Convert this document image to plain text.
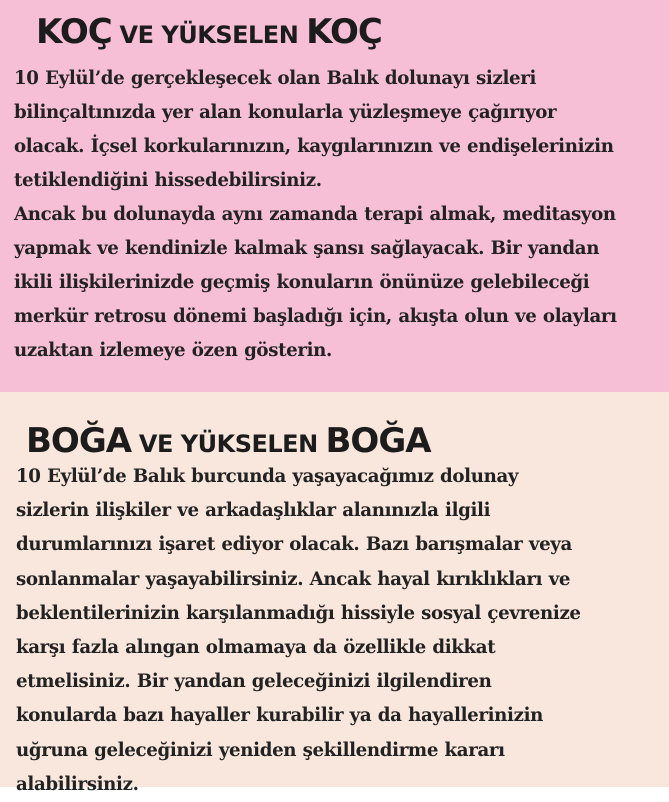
KOÇ VE YÜKSELEN KOÇ

10 Eylül’de gerçekleşecek olan Balık dolunayı sizleri
bilinçaltınızda yer alan konularla yüzleşmeye çağırıyor
olacak. İçsel korkularınızın, kaygılarınızın ve endişelerinizin
tetiklendiğini hissedebilirsiniz.
Ancak bu dolunayda aynı zamanda terapi almak, meditasyon
yapmak ve kendinizle kalmak şansı sağlayacak. Bir yandan
ikili ilişkilerinizde geçmiş konuların önünüze gelebileceği
merkür retrosu dönemi başladığı için, akışta olun ve olayları
uzaktan izlemeye özen gösterin.

BOĞA VE YÜKSELEN BOĞA

10 Eylül’de Balık burcunda yaşayacağımız dolunay
sizlerin ilişkiler ve arkadaşlıklar alanınızla ilgili
durumlarınızı işaret ediyor olacak. Bazı barışmalar veya
sonlanmalar yaşayabilirsiniz. Ancak hayal kırıklıkları ve
beklentilerinizin karşılanmadığı hissiyle sosyal çevrenize
karşı fazla alıngan olmamaya da özellikle dikkat
etmelisiniz. Bir yandan geleceğinizi ilgilendiren
konularda bazı hayaller kurabilir ya da hayallerinizin
uğruna geleceğinizi yeniden şekillendirme kararı
alabilirsiniz.
